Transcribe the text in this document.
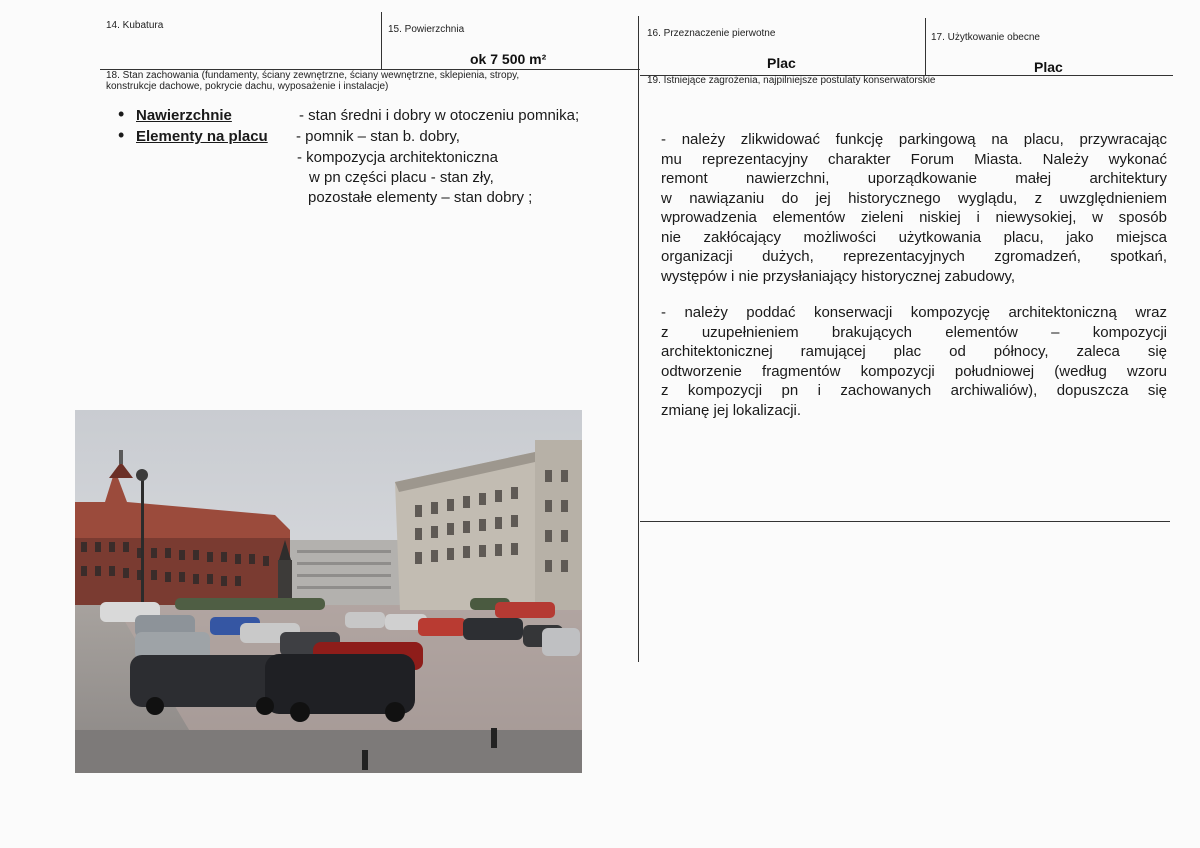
14. Kubatura	15. Powierzchnia
ok 7 500 m²
16. Przeznaczenie pierwotne
Plac
17. Użytkowanie obecne
Plac
18. Stan zachowania (fundamenty, ściany zewnętrzne, ściany wewnętrzne, sklepienia, stropy,
konstrukcje dachowe, pokrycie dachu, wyposażenie i instalacje)
• Nawierzchnie	- stan średni i dobry w otoczeniu pomnika;
• Elementy na placu - pomnik – stan b. dobry,
- kompozycja architektoniczna
w pn części placu - stan zły,
pozostałe elementy – stan dobry ;
19. Istniejące zagrożenia, najpilniejsze postulaty konserwatorskie
- należy zlikwidować funkcję parkingową na placu, przywracając
mu reprezentacyjny charakter Forum Miasta. Należy wykonać
remont nawierzchni, uporządkowanie małej architektury
w nawiązaniu do jej historycznego wyglądu, z uwzględnieniem
wprowadzenia elementów zieleni niskiej i niewysokiej, w sposób
nie zakłócający możliwości użytkowania placu, jako miejsca
organizacji dużych, reprezentacyjnych zgromadzeń, spotkań,
występów i nie przysłaniający historycznej zabudowy,
- należy poddać konserwacji kompozycję architektoniczną wraz
z uzupełnieniem brakujących elementów – kompozycji
architektonicznej ramującej plac od północy, zaleca się
odtworzenie fragmentów kompozycji południowej (według wzoru
z kompozycji pn i zachowanych archiwaliów), dopuszcza się
zmianę jej lokalizacji.
